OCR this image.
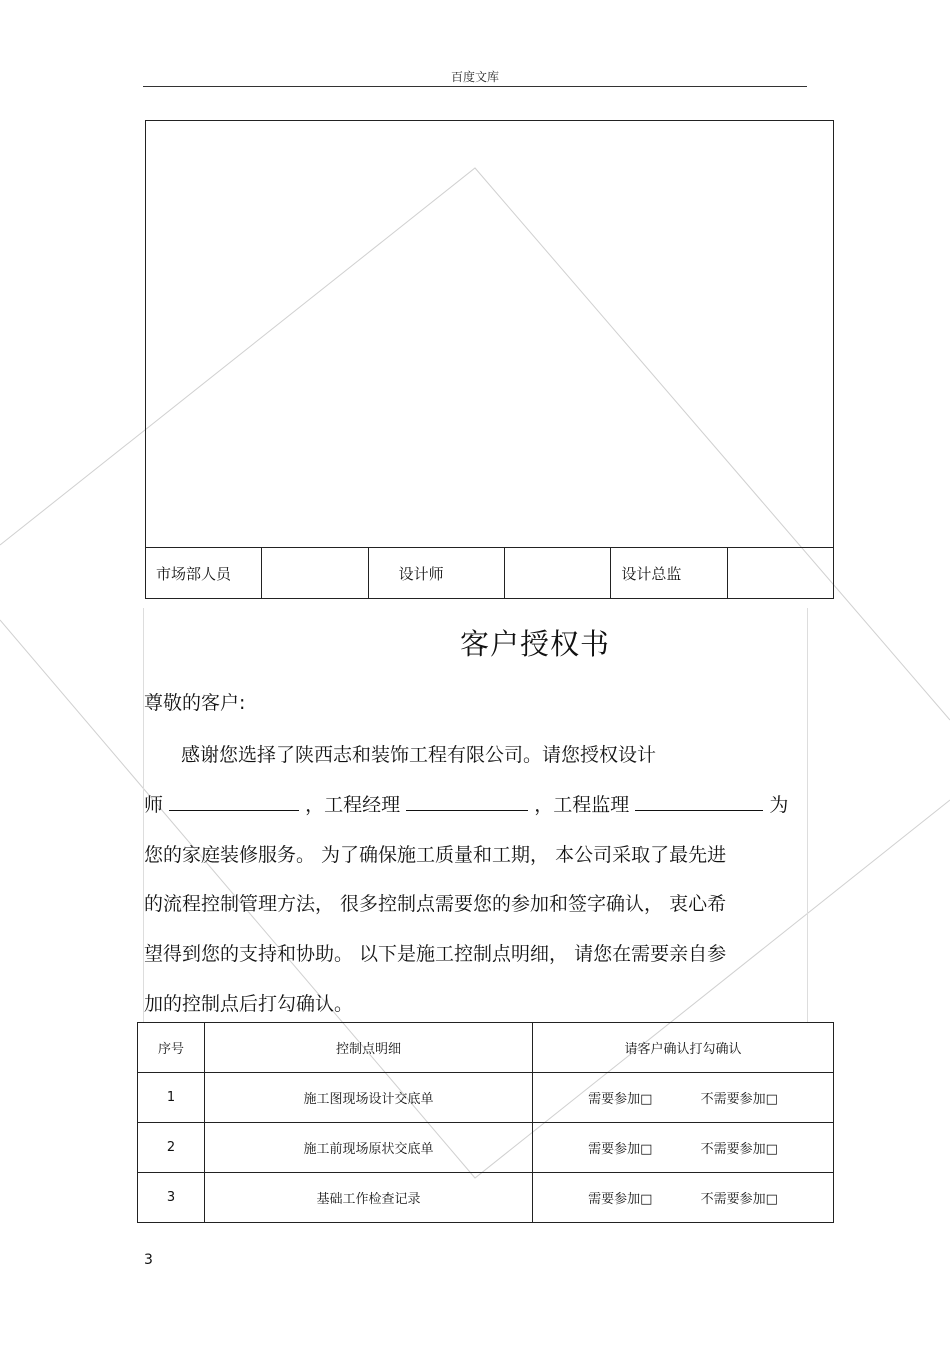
百度文库
市场部人员	设计师	设计总监
客户授权书
尊敬的客户:
感谢您选择了陕西志和装饰工程有限公司。请您授权设计
师	，工程经理	，工程监理	为
您的家庭装修服务。 为了确保施工质量和工期， 本公司采取了最先进
的流程控制管理方法， 很多控制点需要您的参加和签字确认， 衷心希
望得到您的支持和协助。 以下是施工控制点明细， 请您在需要亲自参
加的控制点后打勾确认。
序号	控制点明细	请客户确认打勾确认
1	施工图现场设计交底单	需要参加□ 不需要参加□
2	施工前现场原状交底单	需要参加□ 不需要参加□
3	基础工作检查记录	需要参加□ 不需要参加□
3
